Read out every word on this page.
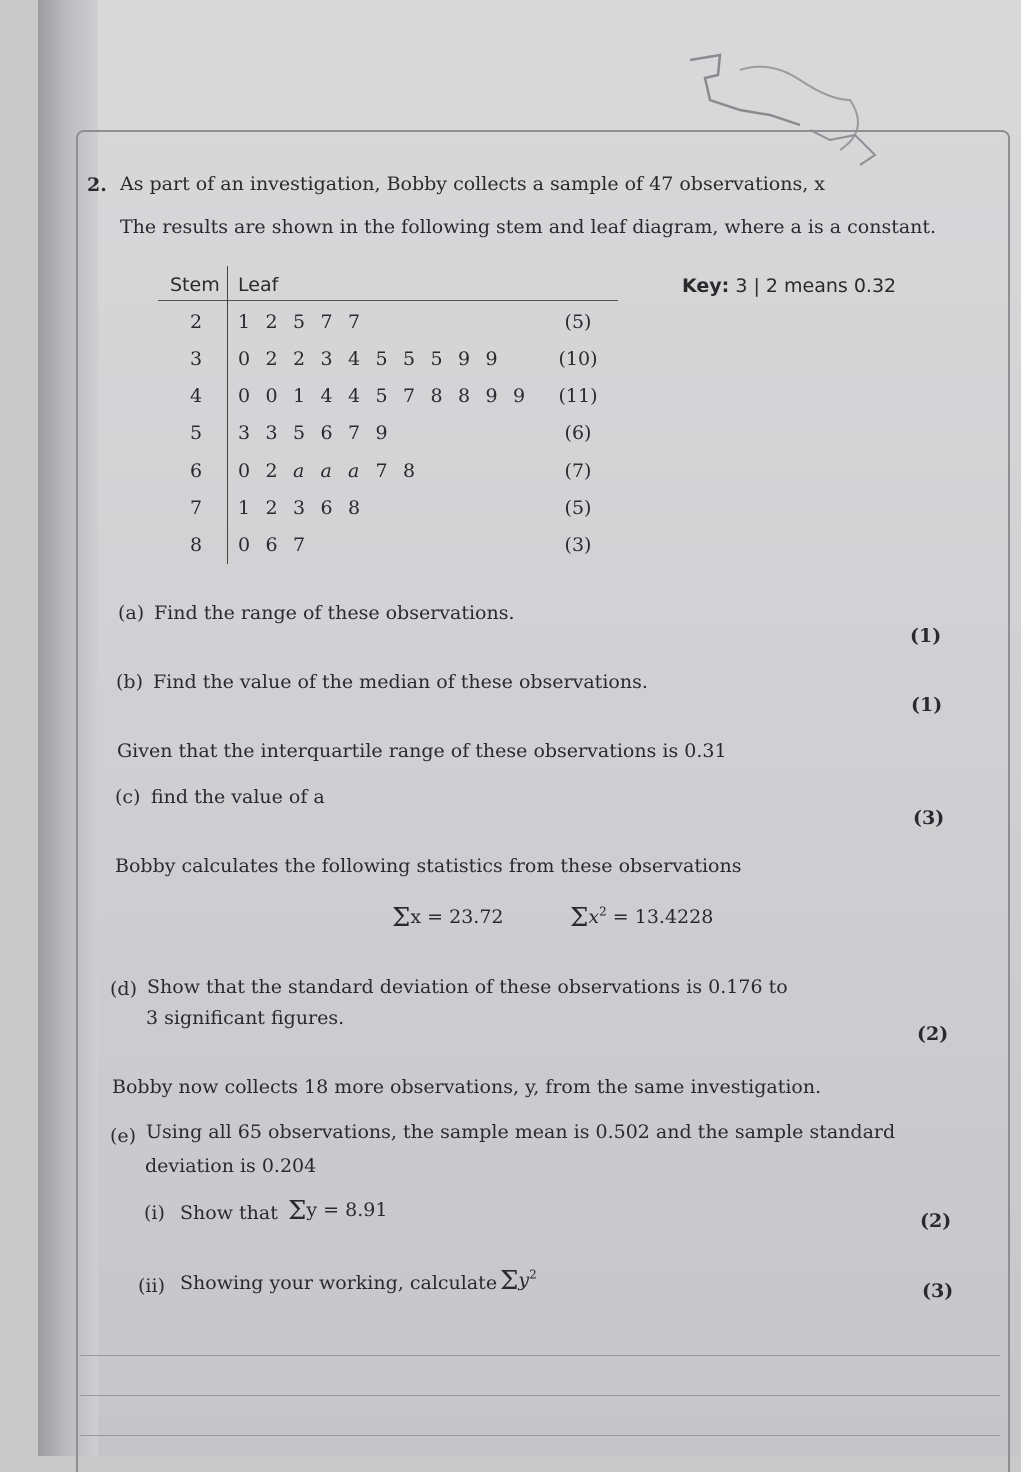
2. As part of an investigation, Bobby collects a sample of 47 observations, x
The results are shown in the following stem and leaf diagram, where a is a constant.
Stem Leaf
2 1 2 5 7 7	(5)
3 0 2 2 3 4 5 5 5 9 9	(10)
4 0 0 1 4 4 5 7 8 8 9 9	(11)
5 3 3 5 6 7 9	(6)
6 0 2 a a a 7 8	(7)
7 1 2 3 6 8	(5)
8 0 6 7	(3)
Key: 3 | 2 means 0.32
(a) Find the range of these observations.
(1)
(b) Find the value of the median of these observations.
(1)
Given that the interquartile range of these observations is 0.31
(c) find the value of a
(3)
Bobby calculates the following statistics from these observations
Σx = 23.72	$\Sigma x^2 = 13.4228$
(d) Show that the standard deviation of these observations is 0.176 to
3 significant figures.
(2)
Bobby now collects 18 more observations, y, from the same investigation.
(e) Using all 65 observations, the sample mean is 0.502 and the sample standard
deviation is 0.204
(i) Show that Σy = 8.91	(2)
(ii) Showing your working, calculate $\Sigma y^2$
(3)
